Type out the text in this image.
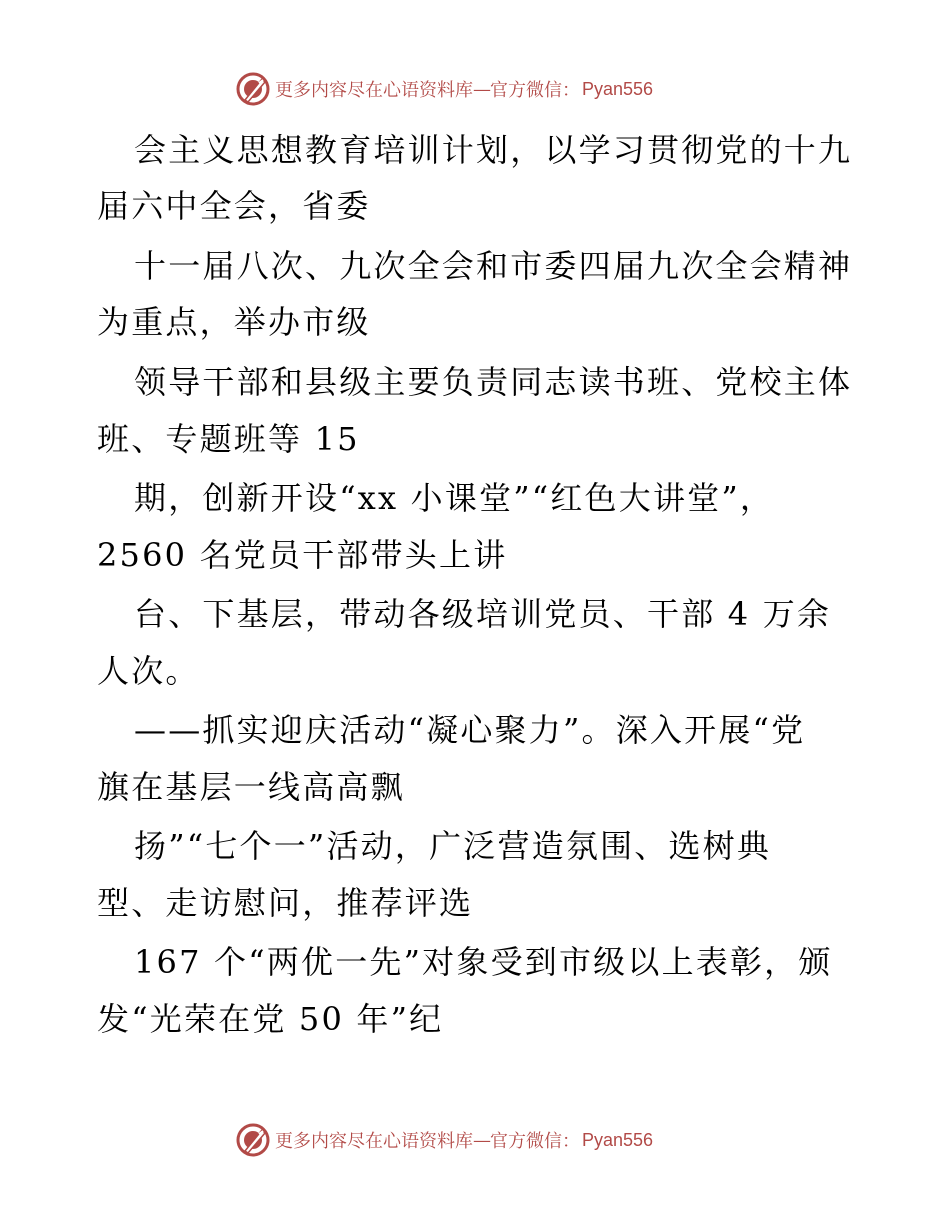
更多内容尽在心语资料库 — 官方微信： Pyan556
会主义思想教育培训计划，以学习贯彻党的十九
届六中全会，省委
十一届八次、九次全会和市委四届九次全会精神
为重点，举办市级
领导干部和县级主要负责同志读书班、党校主体
班、专题班等 15
期，创新开设“xx 小课堂”“红色大讲堂”，
2560 名党员干部带头上讲
台、下基层，带动各级培训党员、干部 4 万余
人次。
——抓实迎庆活动“凝心聚力”。深入开展“党
旗在基层一线高高飘
扬”“七个一”活动，广泛营造氛围、选树典
型、走访慰问，推荐评选
167 个“两优一先”对象受到市级以上表彰，颁
发“光荣在党 50 年”纪
更多内容尽在心语资料库 — 官方微信： Pyan556
